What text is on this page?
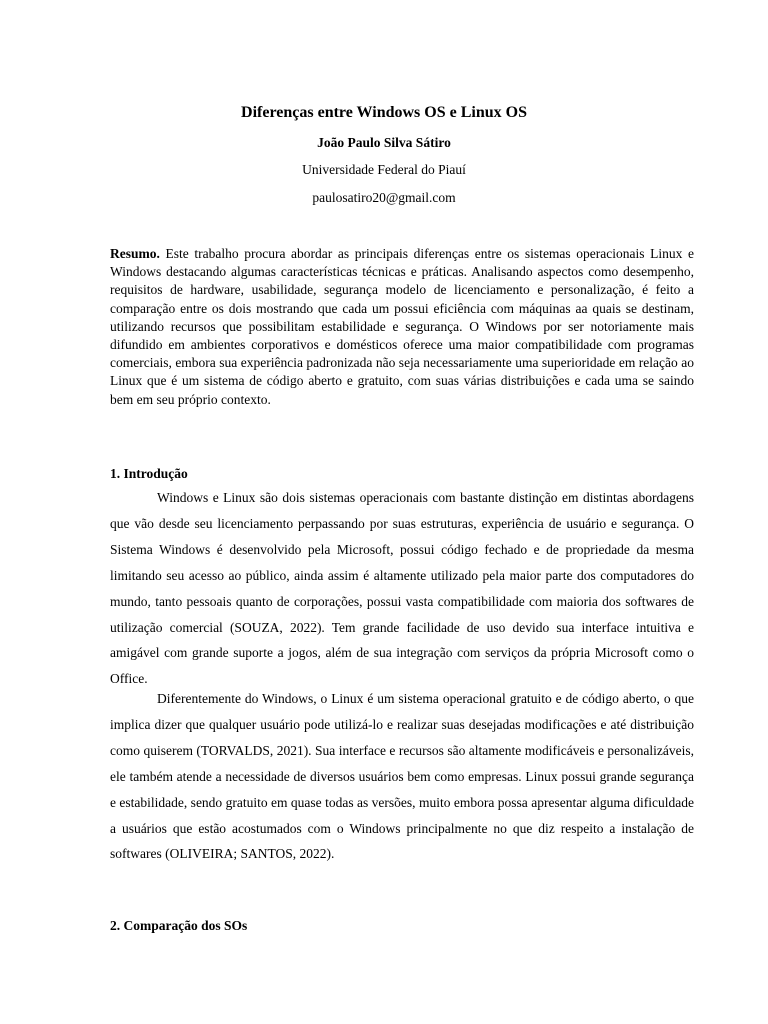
Diferenças entre Windows OS e Linux OS
João Paulo Silva Sátiro
Universidade Federal do Piauí
paulosatiro20@gmail.com

Resumo. Este trabalho procura abordar as principais diferenças entre os sistemas operacionais Linux e Windows destacando algumas características técnicas e práticas. Analisando aspectos como desempenho, requisitos de hardware, usabilidade, segurança modelo de licenciamento e personalização, é feito a comparação entre os dois mostrando que cada um possui eficiência com máquinas aa quais se destinam, utilizando recursos que possibilitam estabilidade e segurança. O Windows por ser notoriamente mais difundido em ambientes corporativos e domésticos oferece uma maior compatibilidade com programas comerciais, embora sua experiência padronizada não seja necessariamente uma superioridade em relação ao Linux que é um sistema de código aberto e gratuito, com suas várias distribuições e cada uma se saindo bem em seu próprio contexto.

1. Introdução

Windows e Linux são dois sistemas operacionais com bastante distinção em distintas abordagens que vão desde seu licenciamento perpassando por suas estruturas, experiência de usuário e segurança. O Sistema Windows é desenvolvido pela Microsoft, possui código fechado e de propriedade da mesma limitando seu acesso ao público, ainda assim é altamente utilizado pela maior parte dos computadores do mundo, tanto pessoais quanto de corporações, possui vasta compatibilidade com maioria dos softwares de utilização comercial (SOUZA, 2022). Tem grande facilidade de uso devido sua interface intuitiva e amigável com grande suporte a jogos, além de sua integração com serviços da própria Microsoft como o Office.

Diferentemente do Windows, o Linux é um sistema operacional gratuito e de código aberto, o que implica dizer que qualquer usuário pode utilizá-lo e realizar suas desejadas modificações e até distribuição como quiserem (TORVALDS, 2021). Sua interface e recursos são altamente modificáveis e personalizáveis, ele também atende a necessidade de diversos usuários bem como empresas. Linux possui grande segurança e estabilidade, sendo gratuito em quase todas as versões, muito embora possa apresentar alguma dificuldade a usuários que estão acostumados com o Windows principalmente no que diz respeito a instalação de softwares (OLIVEIRA; SANTOS, 2022).

2. Comparação dos SOs
